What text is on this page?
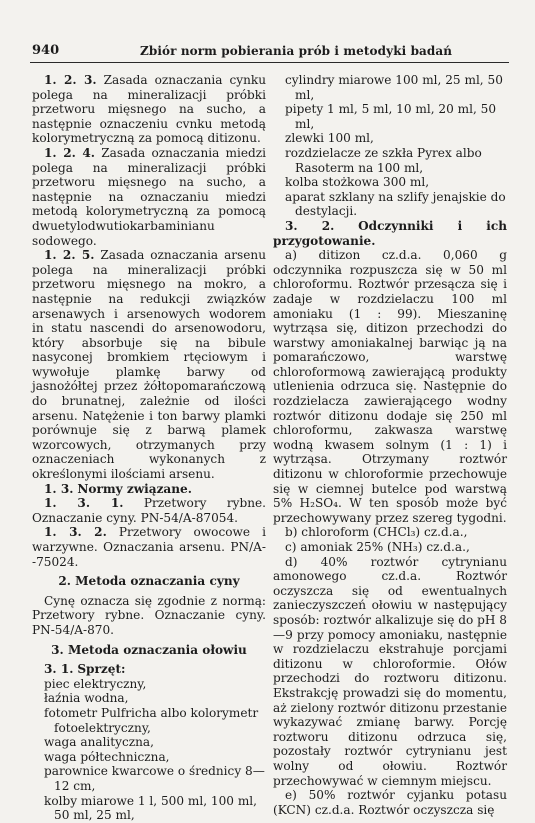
940	Zbiór norm pobierania prób i metodyki badań

1. 2. 3. Zasada oznaczania cynku polega na mineralizacji próbki przetworu mięsnego na sucho, a następnie oznaczeniu cvnku metodą kolorymetryczną za pomocą ditizonu.

1. 2. 4. Zasada oznaczania miedzi polega na mineralizacji próbki przetworu mięsnego na sucho, a następnie na oznaczaniu miedzi metodą kolorymetryczną za pomocą dwuetylodwutiokarbaminianu sodowego.

1. 2. 5. Zasada oznaczania arsenu polega na mineralizacji próbki przetworu mięsnego na mokro, a następnie na redukcji związków arsenawych i arsenowych wodorem in statu nascendi do arsenowodoru, który absorbuje się na bibule nasyconej bromkiem rtęciowym i wywołuje plamkę barwy od jasnożółtej przez żółtopomarańczową do brunatnej, zależnie od ilości arsenu. Natężenie i ton barwy plamki porównuje się z barwą plamek wzorcowych, otrzymanych przy oznaczeniach wykonanych z określonymi ilościami arsenu.

1. 3. Normy związane.

1. 3. 1. Przetwory rybne. Oznaczanie cyny. PN-54/A-87054.

1. 3. 2. Przetwory owocowe i warzywne. Oznaczania arsenu. PN/A--75024.

2. Metoda oznaczania cyny

Cynę oznacza się zgodnie z normą: Przetwory rybne. Oznaczanie cyny. PN-54/A-870.

3. Metoda oznaczania ołowiu

3. 1. Sprzęt:

piec elektryczny,

łaźnia wodna,

fotometr Pulfricha albo kolorymetr fotoelektryczny,

waga analityczna,

waga półtechniczna,

parownice kwarcowe o średnicy 8—12 cm,

kolby miarowe 1 l, 500 ml, 100 ml, 50 ml, 25 ml,

cylindry miarowe 100 ml, 25 ml, 50 ml,

pipety 1 ml, 5 ml, 10 ml, 20 ml, 50 ml,

zlewki 100 ml,

rozdzielacze ze szkła Pyrex albo Rasoterm na 100 ml,

kolba stożkowa 300 ml,

aparat szklany na szlify jenajskie do destylacji.

3. 2. Odczynniki i ich przygotowanie.

a) ditizon cz.d.a. 0,060 g odczynnika rozpuszcza się w 50 ml chloroformu. Roztwór przesącza się i zadaje w rozdzielaczu 100 ml amoniaku (1 : 99). Mieszaninę wytrząsa się, ditizon przechodzi do warstwy amoniakalnej barwiąc ją na pomarańczowo, warstwę chloroformową zawierającą produkty utlenienia odrzuca się. Następnie do rozdzielacza zawierającego wodny roztwór ditizonu dodaje się 250 ml chloroformu, zakwasza warstwę wodną kwasem solnym (1 : 1) i wytrząsa. Otrzymany roztwór ditizonu w chloroformie przechowuje się w ciemnej butelce pod warstwą 5% H₂SO₄. W ten sposób może być przechowywany przez szereg tygodni.

b) chloroform (CHCl₃) cz.d.a.,

c) amoniak 25% (NH₃) cz.d.a.,

d) 40% roztwór cytrynianu amonowego cz.d.a. Roztwór oczyszcza się od ewentualnych zanieczyszczeń ołowiu w następujący sposób: roztwór alkalizuje się do pH 8—9 przy pomocy amoniaku, następnie w rozdzielaczu ekstrahuje porcjami ditizonu w chloroformie. Ołów przechodzi do roztworu ditizonu. Ekstrakcję prowadzi się do momentu, aż zielony roztwór ditizonu przestanie wykazywać zmianę barwy. Porcję roztworu ditizonu odrzuca się, pozostały roztwór cytrynianu jest wolny od ołowiu. Roztwór przechowywać w ciemnym miejscu.

e) 50% roztwór cyjanku potasu (KCN) cz.d.a. Roztwór oczyszcza się
